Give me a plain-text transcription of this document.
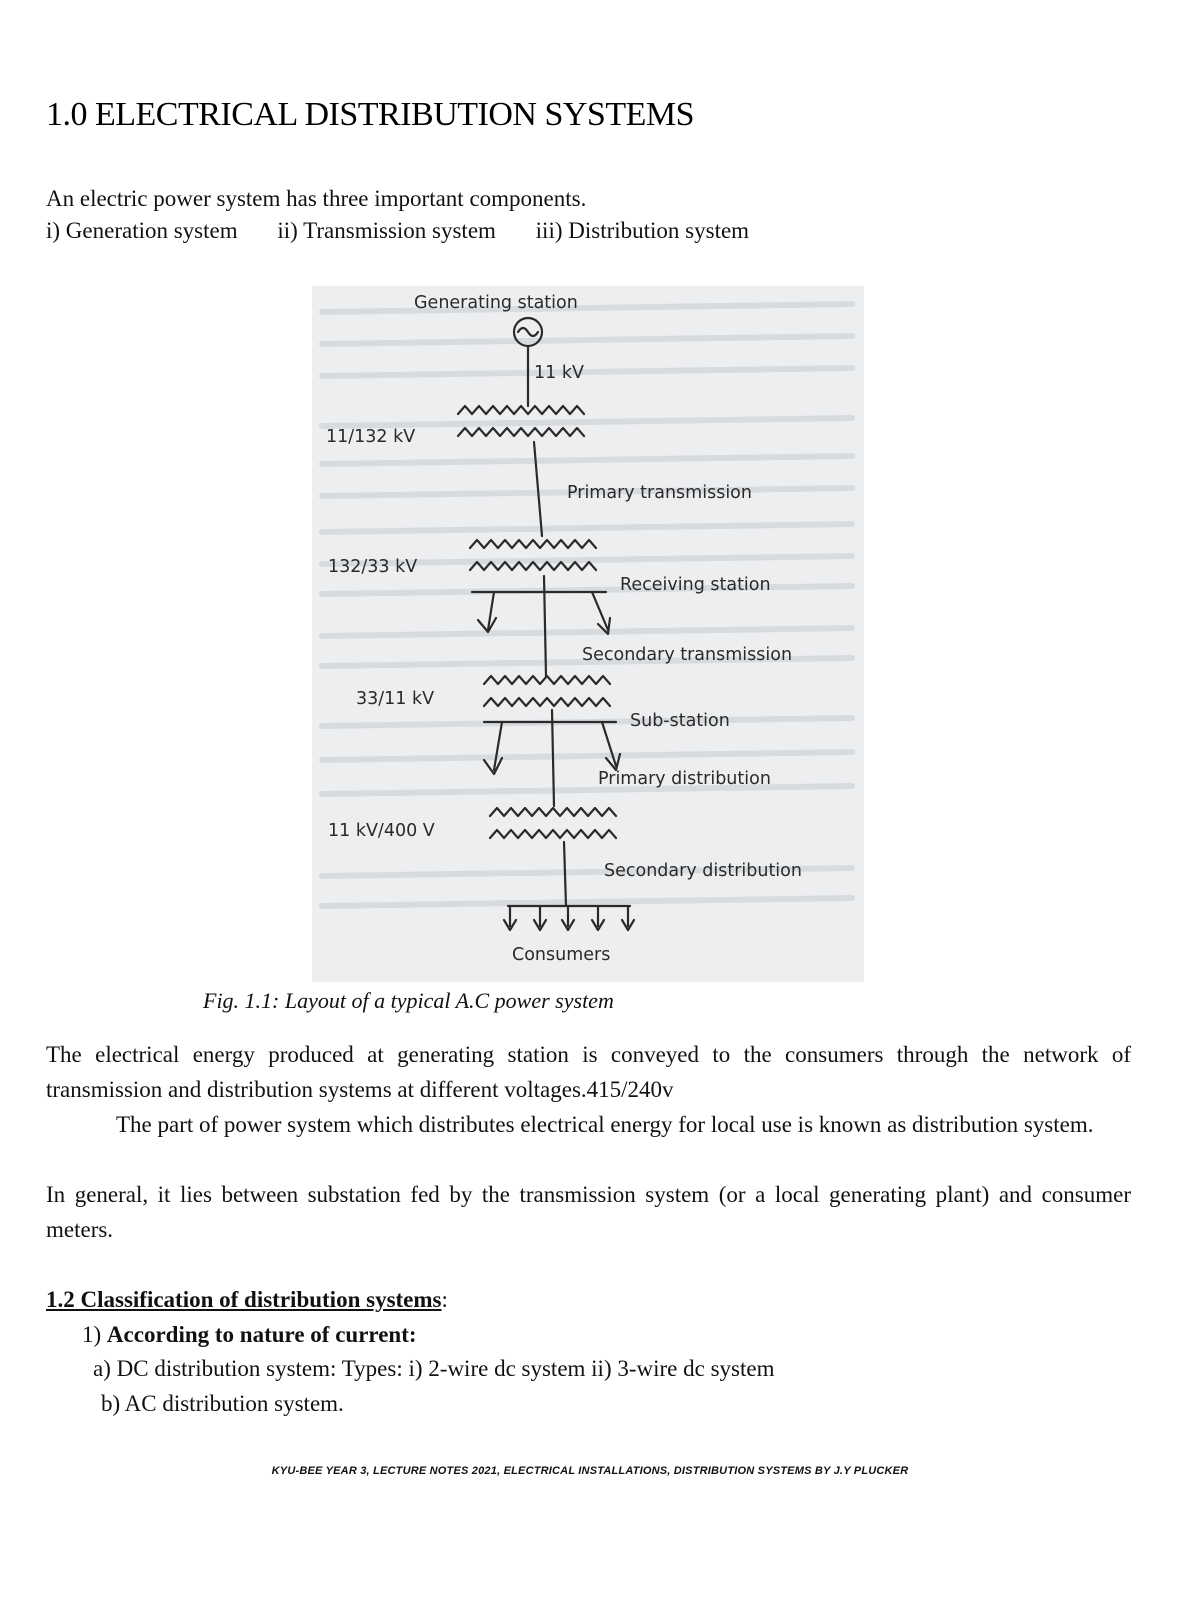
1.0 ELECTRICAL DISTRIBUTION SYSTEMS

An electric power system has three important components.

i) Generation system ii) Transmission system iii) Distribution system

Generating station
11 kV
11/132 kV
Primary transmission
132/33 kV
Receiving station
Secondary transmission
33/11 kV
Sub-station
Primary distribution
11 kV/400 V
Secondary distribution
Consumers

Fig. 1.1: Layout of a typical A.C power system

The electrical energy produced at generating station is conveyed to the consumers through the network of transmission and distribution systems at different voltages.415/240v

The part of power system which distributes electrical energy for local use is known as distribution system.

In general, it lies between substation fed by the transmission system (or a local generating plant) and consumer meters.

1.2 Classification of distribution systems:

1) According to nature of current:

a) DC distribution system: Types: i) 2-wire dc system ii) 3-wire dc system

b) AC distribution system.

KYU-BEE YEAR 3, LECTURE NOTES 2021, ELECTRICAL INSTALLATIONS, DISTRIBUTION SYSTEMS BY J.Y PLUCKER
